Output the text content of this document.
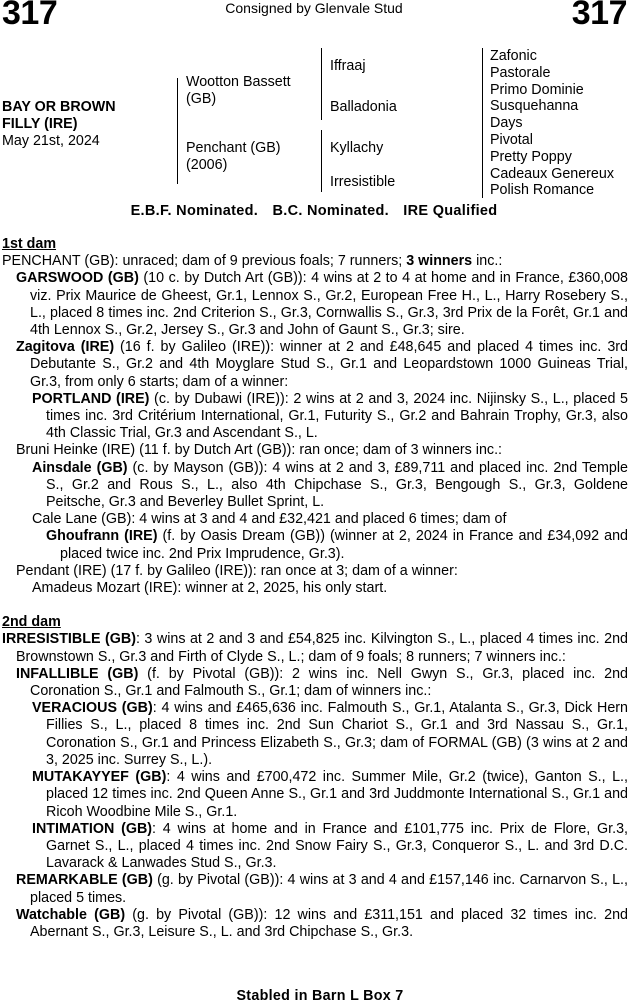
317	Consigned by Glenvale Stud	317
BAY OR BROWN
FILLY (IRE)
May 21st, 2024
Wootton Bassett
(GB)
Penchant (GB)
(2006)
Iffraaj
Balladonia
Kyllachy
Irresistible
Zafonic
Pastorale
Primo Dominie
Susquehanna
Days
Pivotal
Pretty Poppy
Cadeaux Genereux
Polish Romance
E.B.F. Nominated. B.C. Nominated. IRE Qualified
1st dam
PENCHANT (GB): unraced; dam of 9 previous foals; 7 runners; 3 winners inc.:
GARSWOOD (GB) (10 c. by Dutch Art (GB)): 4 wins at 2 to 4 at home and in France, £360,008 viz. Prix Maurice de Gheest, Gr.1, Lennox S., Gr.2, European Free H., L., Harry Rosebery S., L., placed 8 times inc. 2nd Criterion S., Gr.3, Cornwallis S., Gr.3, 3rd Prix de la Forêt, Gr.1 and 4th Lennox S., Gr.2, Jersey S., Gr.3 and John of Gaunt S., Gr.3; sire.
Zagitova (IRE) (16 f. by Galileo (IRE)): winner at 2 and £48,645 and placed 4 times inc. 3rd Debutante S., Gr.2 and 4th Moyglare Stud S., Gr.1 and Leopardstown 1000 Guineas Trial, Gr.3, from only 6 starts; dam of a winner:
PORTLAND (IRE) (c. by Dubawi (IRE)): 2 wins at 2 and 3, 2024 inc. Nijinsky S., L., placed 5 times inc. 3rd Critérium International, Gr.1, Futurity S., Gr.2 and Bahrain Trophy, Gr.3, also 4th Classic Trial, Gr.3 and Ascendant S., L.
Bruni Heinke (IRE) (11 f. by Dutch Art (GB)): ran once; dam of 3 winners inc.:
Ainsdale (GB) (c. by Mayson (GB)): 4 wins at 2 and 3, £89,711 and placed inc. 2nd Temple S., Gr.2 and Rous S., L., also 4th Chipchase S., Gr.3, Bengough S., Gr.3, Goldene Peitsche, Gr.3 and Beverley Bullet Sprint, L.
Cale Lane (GB): 4 wins at 3 and 4 and £32,421 and placed 6 times; dam of
Ghoufrann (IRE) (f. by Oasis Dream (GB)) (winner at 2, 2024 in France and £34,092 and placed twice inc. 2nd Prix Imprudence, Gr.3).
Pendant (IRE) (17 f. by Galileo (IRE)): ran once at 3; dam of a winner:
Amadeus Mozart (IRE): winner at 2, 2025, his only start.
2nd dam
IRRESISTIBLE (GB): 3 wins at 2 and 3 and £54,825 inc. Kilvington S., L., placed 4 times inc. 2nd Brownstown S., Gr.3 and Firth of Clyde S., L.; dam of 9 foals; 8 runners; 7 winners inc.:
INFALLIBLE (GB) (f. by Pivotal (GB)): 2 wins inc. Nell Gwyn S., Gr.3, placed inc. 2nd Coronation S., Gr.1 and Falmouth S., Gr.1; dam of winners inc.:
VERACIOUS (GB): 4 wins and £465,636 inc. Falmouth S., Gr.1, Atalanta S., Gr.3, Dick Hern Fillies S., L., placed 8 times inc. 2nd Sun Chariot S., Gr.1 and 3rd Nassau S., Gr.1, Coronation S., Gr.1 and Princess Elizabeth S., Gr.3; dam of FORMAL (GB) (3 wins at 2 and 3, 2025 inc. Surrey S., L.).
MUTAKAYYEF (GB): 4 wins and £700,472 inc. Summer Mile, Gr.2 (twice), Ganton S., L., placed 12 times inc. 2nd Queen Anne S., Gr.1 and 3rd Juddmonte International S., Gr.1 and Ricoh Woodbine Mile S., Gr.1.
INTIMATION (GB): 4 wins at home and in France and £101,775 inc. Prix de Flore, Gr.3, Garnet S., L., placed 4 times inc. 2nd Snow Fairy S., Gr.3, Conqueror S., L. and 3rd D.C. Lavarack & Lanwades Stud S., Gr.3.
REMARKABLE (GB) (g. by Pivotal (GB)): 4 wins at 3 and 4 and £157,146 inc. Carnarvon S., L., placed 5 times.
Watchable (GB) (g. by Pivotal (GB)): 12 wins and £311,151 and placed 32 times inc. 2nd Abernant S., Gr.3, Leisure S., L. and 3rd Chipchase S., Gr.3.
Stabled in Barn L Box 7
